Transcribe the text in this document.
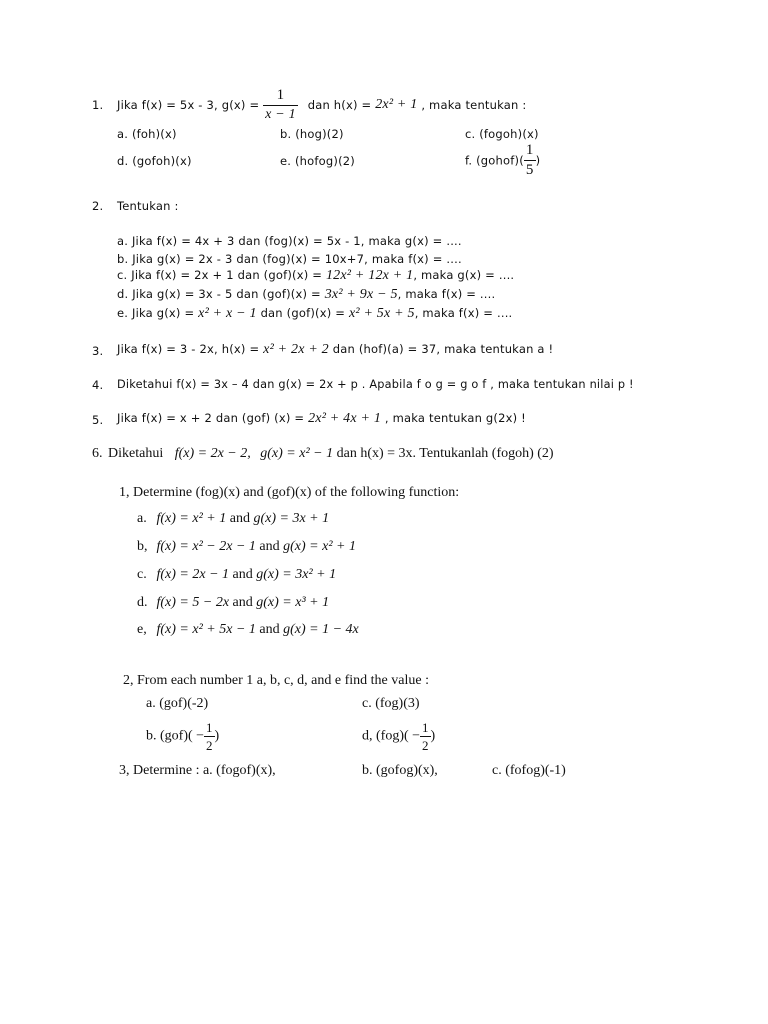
1. Jika f(x) = 5x - 3, $g(x) = \frac{1}{x - 1}$ dan h(x) = 2x² + 1 , maka tentukan :
a. (foh)(x)	b. (hog)(2)	c. (fogoh)(x)
d. (gofoh)(x)	e. (hofog)(2)	f. (gohof)( $\frac{1}{5}$ )
2. Tentukan :
a. Jika f(x) = 4x + 3 dan (fog)(x) = 5x - 1, maka g(x) = ....
b. Jika g(x) = 2x - 3 dan (fog)(x) = 10x+7, maka f(x) = ....
c. Jika f(x) = 2x + 1 dan (gof)(x) = 12x² + 12x + 1, maka g(x) = ....
d. Jika g(x) = 3x - 5 dan (gof)(x) = 3x² + 9x − 5, maka f(x) = ....
e. Jika g(x) = x² + x − 1 dan (gof)(x) = x² + 5x + 5, maka f(x) = ....
3. Jika f(x) = 3 - 2x, h(x) = x² + 2x + 2 dan (hof)(a) = 37, maka tentukan a !
4. Diketahui f(x) = 3x – 4 dan g(x) = 2x + p . Apabila f o g = g o f , maka tentukan nilai p !
5. Jika f(x) = x + 2 dan (gof) (x) = 2x² + 4x + 1 , maka tentukan g(2x) !
6. Diketahui f(x) = 2x − 2, g(x) = x² − 1 dan h(x) = 3x. Tentukanlah (fogoh) (2)
1, Determine (fog)(x) and (gof)(x) of the following function:
a. f(x) = x² + 1 and g(x) = 3x + 1
b, f(x) = x² − 2x − 1 and g(x) = x² + 1
c. f(x) = 2x − 1 and g(x) = 3x² + 1
d. f(x) = 5 − 2x and g(x) = x³ + 1
e, f(x) = x² + 5x − 1 and g(x) = 1 − 4x
2, From each number 1 a, b, c, d, and e find the value :
a. (gof)(-2)	c. (fog)(3)
b. $(gof)( - \frac{1}{2}$ )	d, $(fog)( - \frac{1}{2}$ )
3, Determine : a. (fogof)(x),	b. (gofog)(x),	c. (fofog)(-1)
